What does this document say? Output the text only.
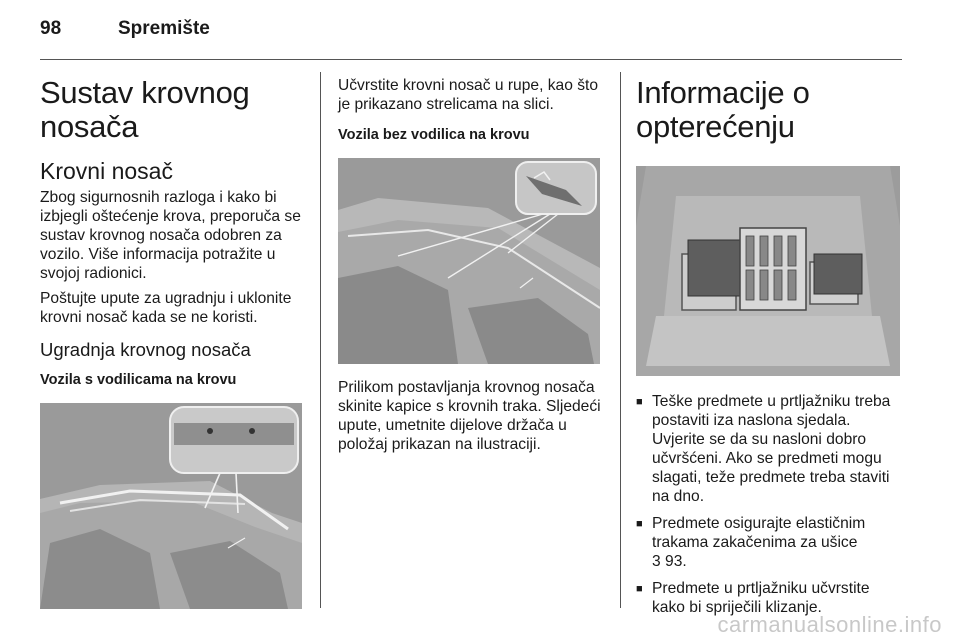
98	Spremište
Sustav krovnog nosača
Krovni nosač

Zbog sigurnosnih razloga i kako bi izbjegli oštećenje krova, preporuča se sustav krovnog nosača odobren za vozilo. Više informacija potražite u svojoj radionici.

Poštujte upute za ugradnju i uklonite krovni nosač kada se ne koristi.

Ugradnja krovnog nosača
Vozila s vodilicama na krovu

Učvrstite krovni nosač u rupe, kao što je prikazano strelicama na slici.

Vozila bez vodilica na krovu

Prilikom postavljanja krovnog nosača skinite kapice s krovnih traka. Sljedeći upute, umetnite dijelove držača u položaj prikazan na ilustraciji.

Informacije o opterećenju
■ Teške predmete u prtljažniku treba postaviti iza naslona sjedala. Uvjerite se da su nasloni dobro učvršćeni. Ako se predmeti mogu slagati, teže predmete treba staviti na dno.
■ Predmete osigurajte elastičnim trakama zakačenima za ušice
3 93.
■ Predmete u prtljažniku učvrstite kako bi spriječili klizanje.
carmanualsonline.info
